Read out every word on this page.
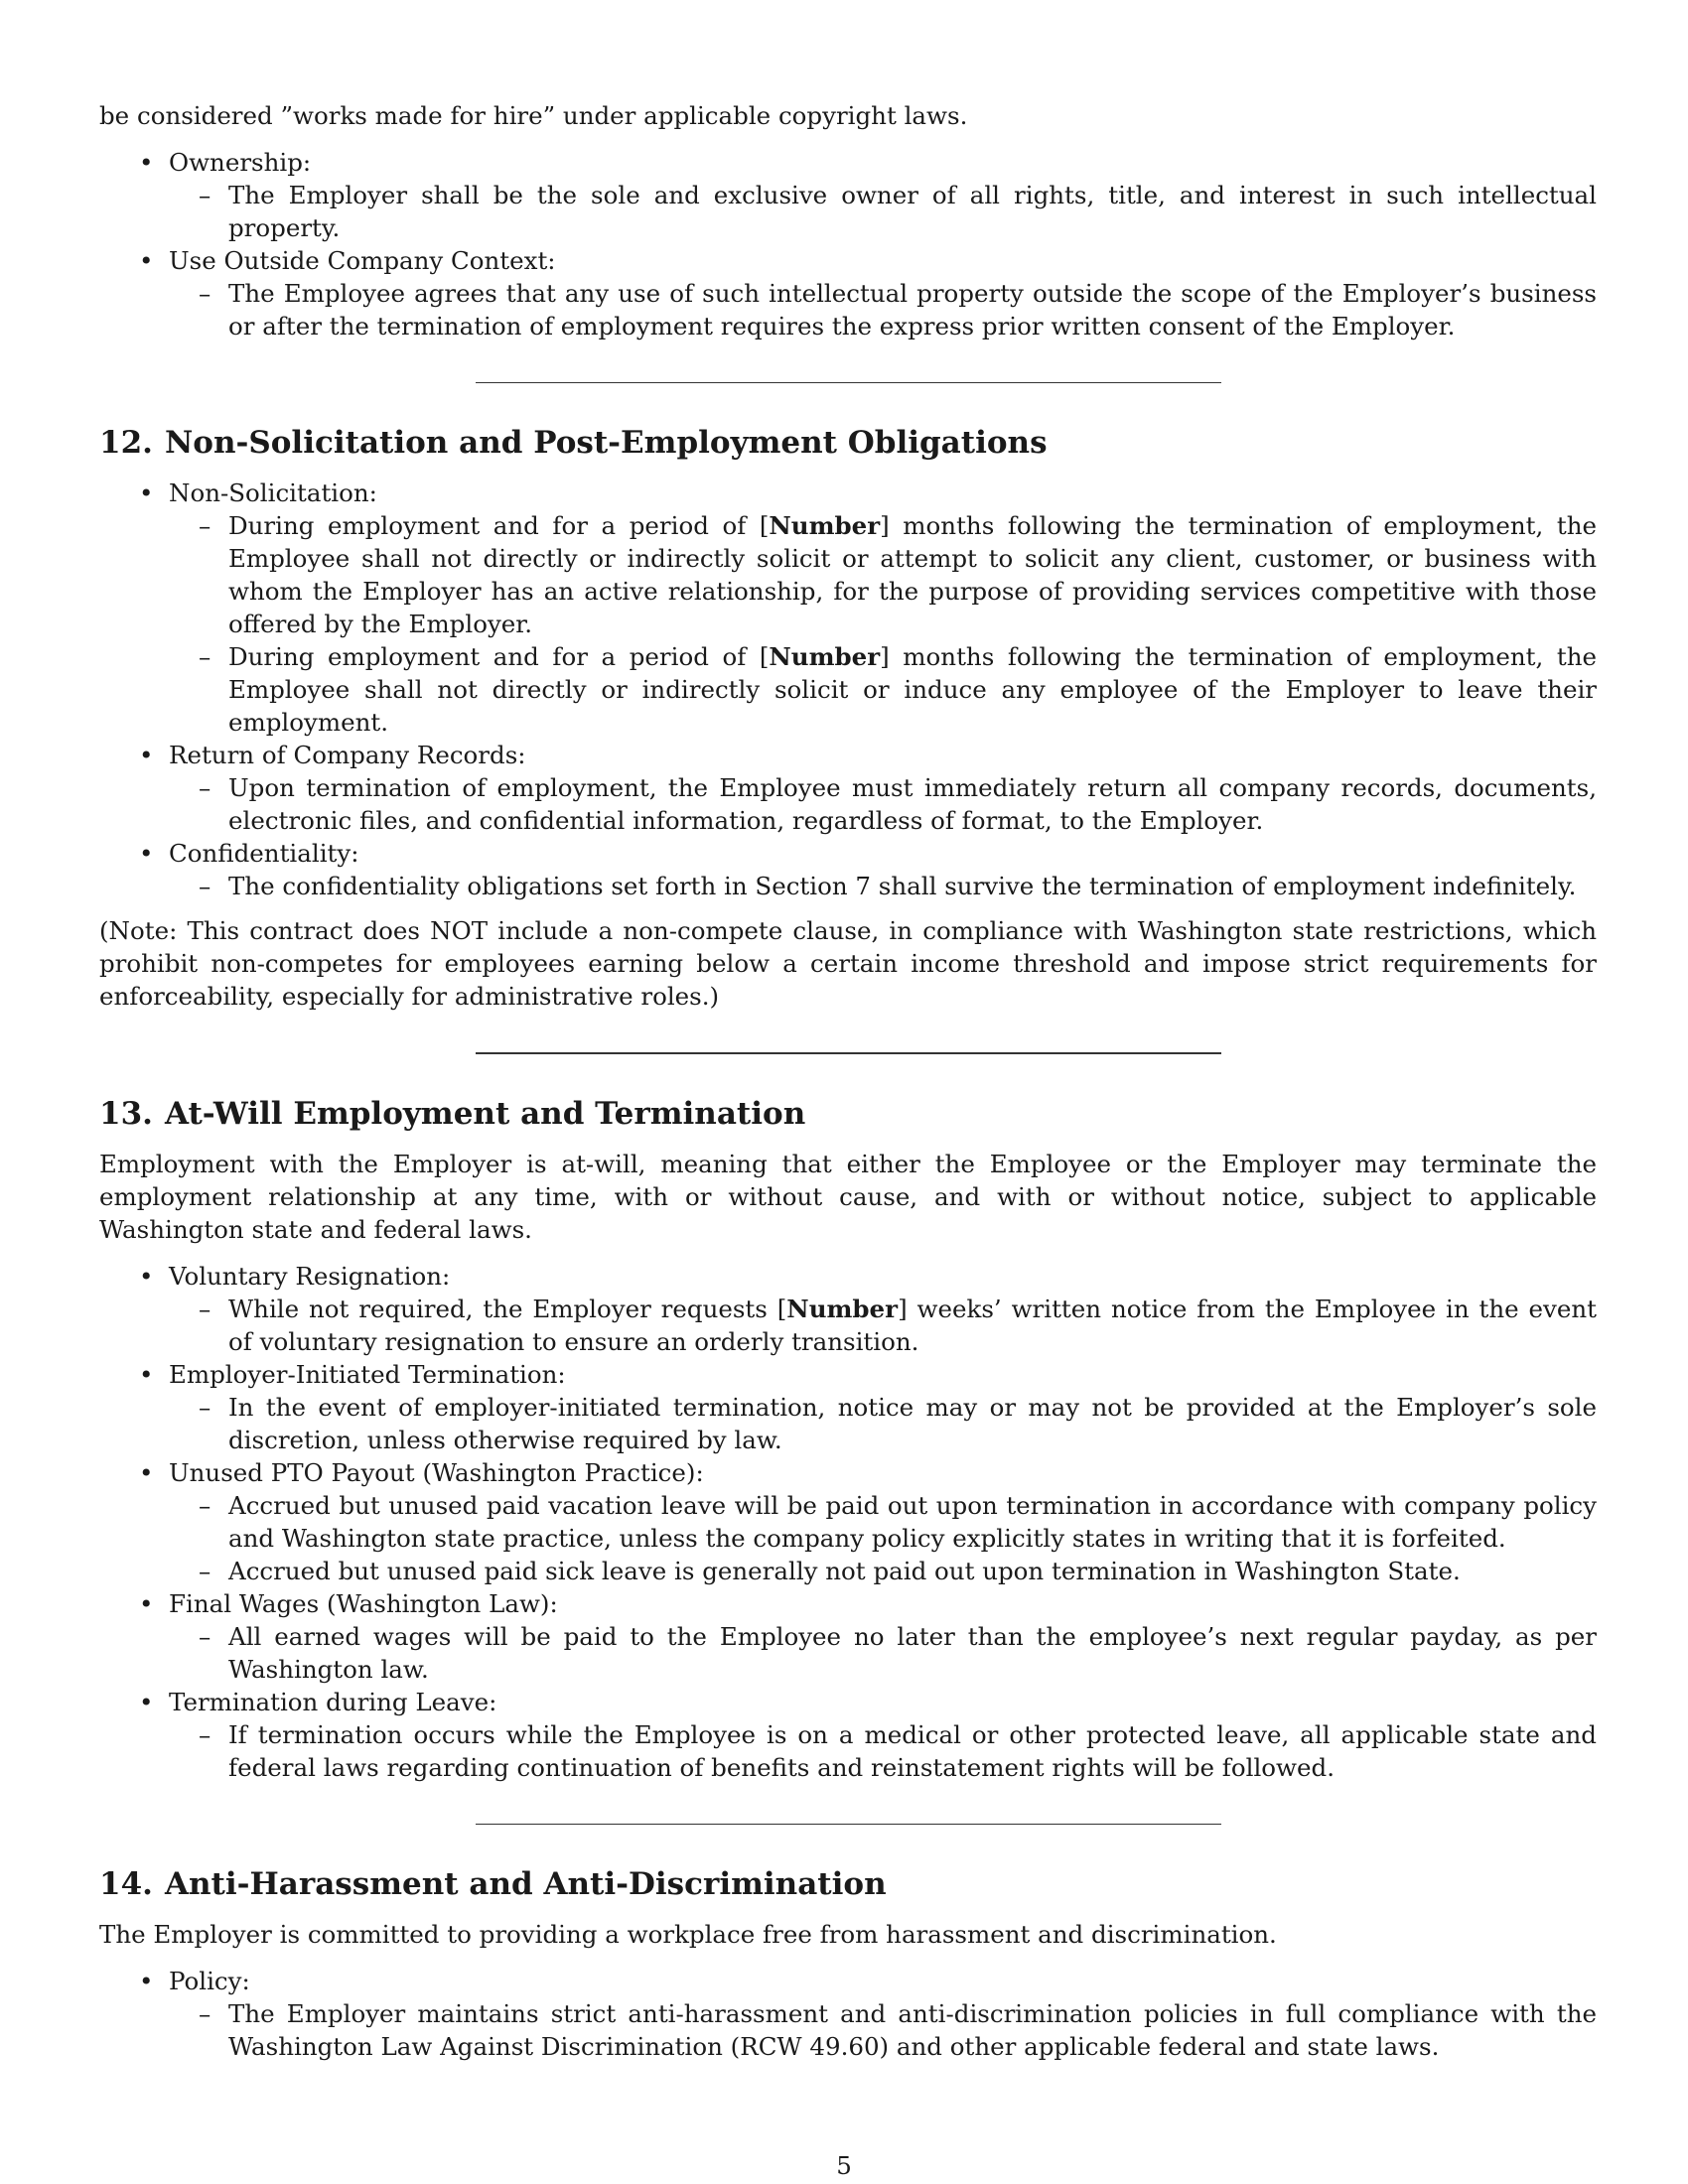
be considered ”works made for hire” under applicable copyright laws.

• Ownership:
– The Employer shall be the sole and exclusive owner of all rights, title, and interest in such intellectual property.
• Use Outside Company Context:
– The Employee agrees that any use of such intellectual property outside the scope of the Employer’s business or after the termination of employment requires the express prior written consent of the Employer.
12. Non-Solicitation and Post-Employment Obligations
• Non-Solicitation:
– During employment and for a period of [Number] months following the termination of employment, the Employee shall not directly or indirectly solicit or attempt to solicit any client, customer, or business with whom the Employer has an active relationship, for the purpose of providing services competitive with those offered by the Employer.
– During employment and for a period of [Number] months following the termination of employment, the Employee shall not directly or indirectly solicit or induce any employee of the Employer to leave their employment.
• Return of Company Records:
– Upon termination of employment, the Employee must immediately return all company records, documents, electronic files, and confidential information, regardless of format, to the Employer.
• Confidentiality:
– The confidentiality obligations set forth in Section 7 shall survive the termination of employment indefinitely.

(Note: This contract does NOT include a non-compete clause, in compliance with Washington state restrictions, which prohibit non-competes for employees earning below a certain income threshold and impose strict requirements for enforceability, especially for administrative roles.)

13. At-Will Employment and Termination

Employment with the Employer is at-will, meaning that either the Employee or the Employer may terminate the employment relationship at any time, with or without cause, and with or without notice, subject to applicable Washington state and federal laws.

• Voluntary Resignation:
– While not required, the Employer requests [Number] weeks’ written notice from the Employee in the event of voluntary resignation to ensure an orderly transition.
• Employer-Initiated Termination:
– In the event of employer-initiated termination, notice may or may not be provided at the Employer’s sole discretion, unless otherwise required by law.
• Unused PTO Payout (Washington Practice):
– Accrued but unused paid vacation leave will be paid out upon termination in accordance with company policy and Washington state practice, unless the company policy explicitly states in writing that it is forfeited.
– Accrued but unused paid sick leave is generally not paid out upon termination in Washington State.
• Final Wages (Washington Law):
– All earned wages will be paid to the Employee no later than the employee’s next regular payday, as per Washington law.
• Termination during Leave:
– If termination occurs while the Employee is on a medical or other protected leave, all applicable state and federal laws regarding continuation of benefits and reinstatement rights will be followed.
14. Anti-Harassment and Anti-Discrimination

The Employer is committed to providing a workplace free from harassment and discrimination.

• Policy:
– The Employer maintains strict anti-harassment and anti-discrimination policies in full compliance with the Washington Law Against Discrimination (RCW 49.60) and other applicable federal and state laws.
5
